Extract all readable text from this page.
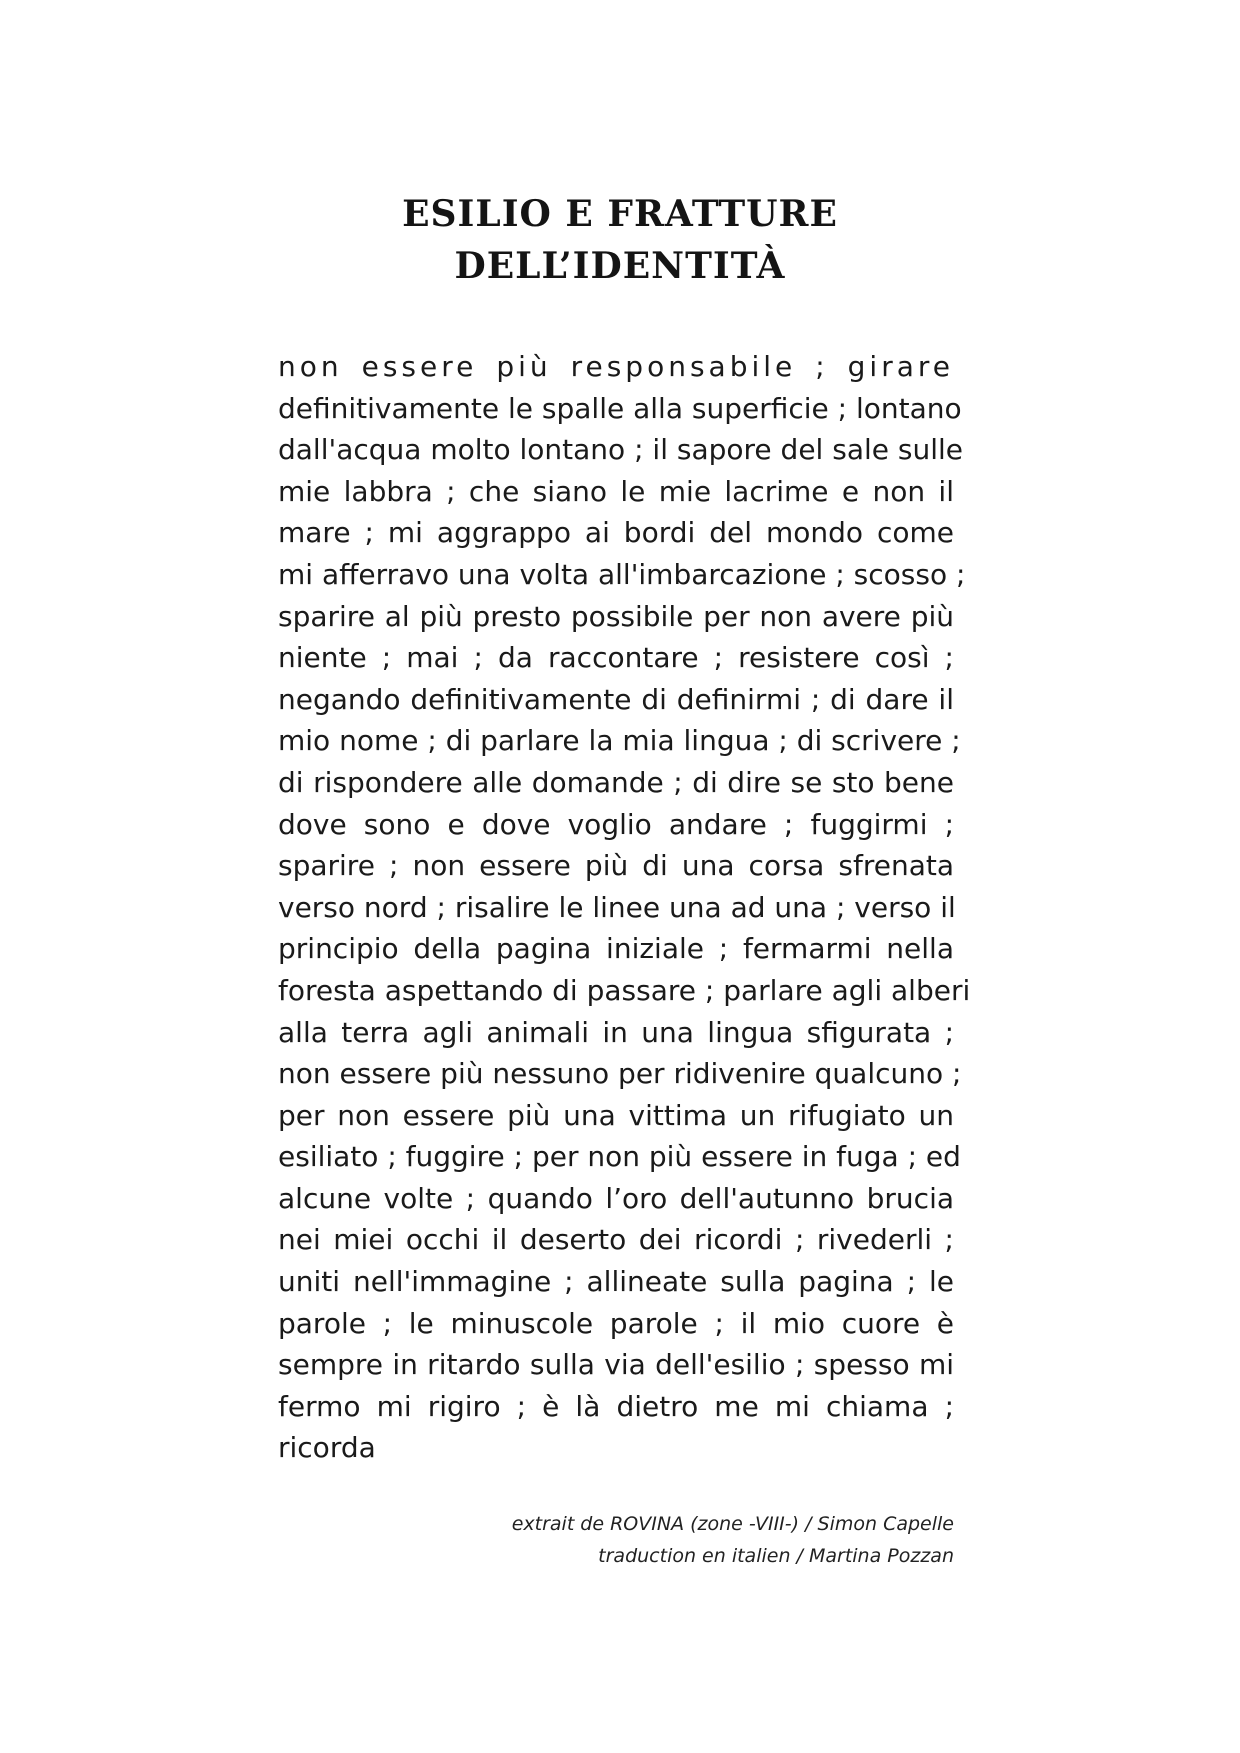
ESILIO E FRATTURE
DELL’IDENTITÀ
non essere più responsabile ; girare
definitivamente le spalle alla superficie ; lontano
dall'acqua molto lontano ; il sapore del sale sulle
mie labbra ; che siano le mie lacrime e non il
mare ; mi aggrappo ai bordi del mondo come
mi afferravo una volta all'imbarcazione ; scosso ;
sparire al più presto possibile per non avere più
niente ; mai ; da raccontare ; resistere così ;
negando definitivamente di definirmi ; di dare il
mio nome ; di parlare la mia lingua ; di scrivere ;
di rispondere alle domande ; di dire se sto bene
dove sono e dove voglio andare ; fuggirmi ;
sparire ; non essere più di una corsa sfrenata
verso nord ; risalire le linee una ad una ; verso il
principio della pagina iniziale ; fermarmi nella
foresta aspettando di passare ; parlare agli alberi
alla terra agli animali in una lingua sfigurata ;
non essere più nessuno per ridivenire qualcuno ;
per non essere più una vittima un rifugiato un
esiliato ; fuggire ; per non più essere in fuga ; ed
alcune volte ; quando l’oro dell'autunno brucia
nei miei occhi il deserto dei ricordi ; rivederli ;
uniti nell'immagine ; allineate sulla pagina ; le
parole ; le minuscole parole ; il mio cuore è
sempre in ritardo sulla via dell'esilio ; spesso mi
fermo mi rigiro ; è là dietro me mi chiama ;
ricorda
extrait de ROVINA (zone -VIII-) / Simon Capelle
traduction en italien / Martina Pozzan
